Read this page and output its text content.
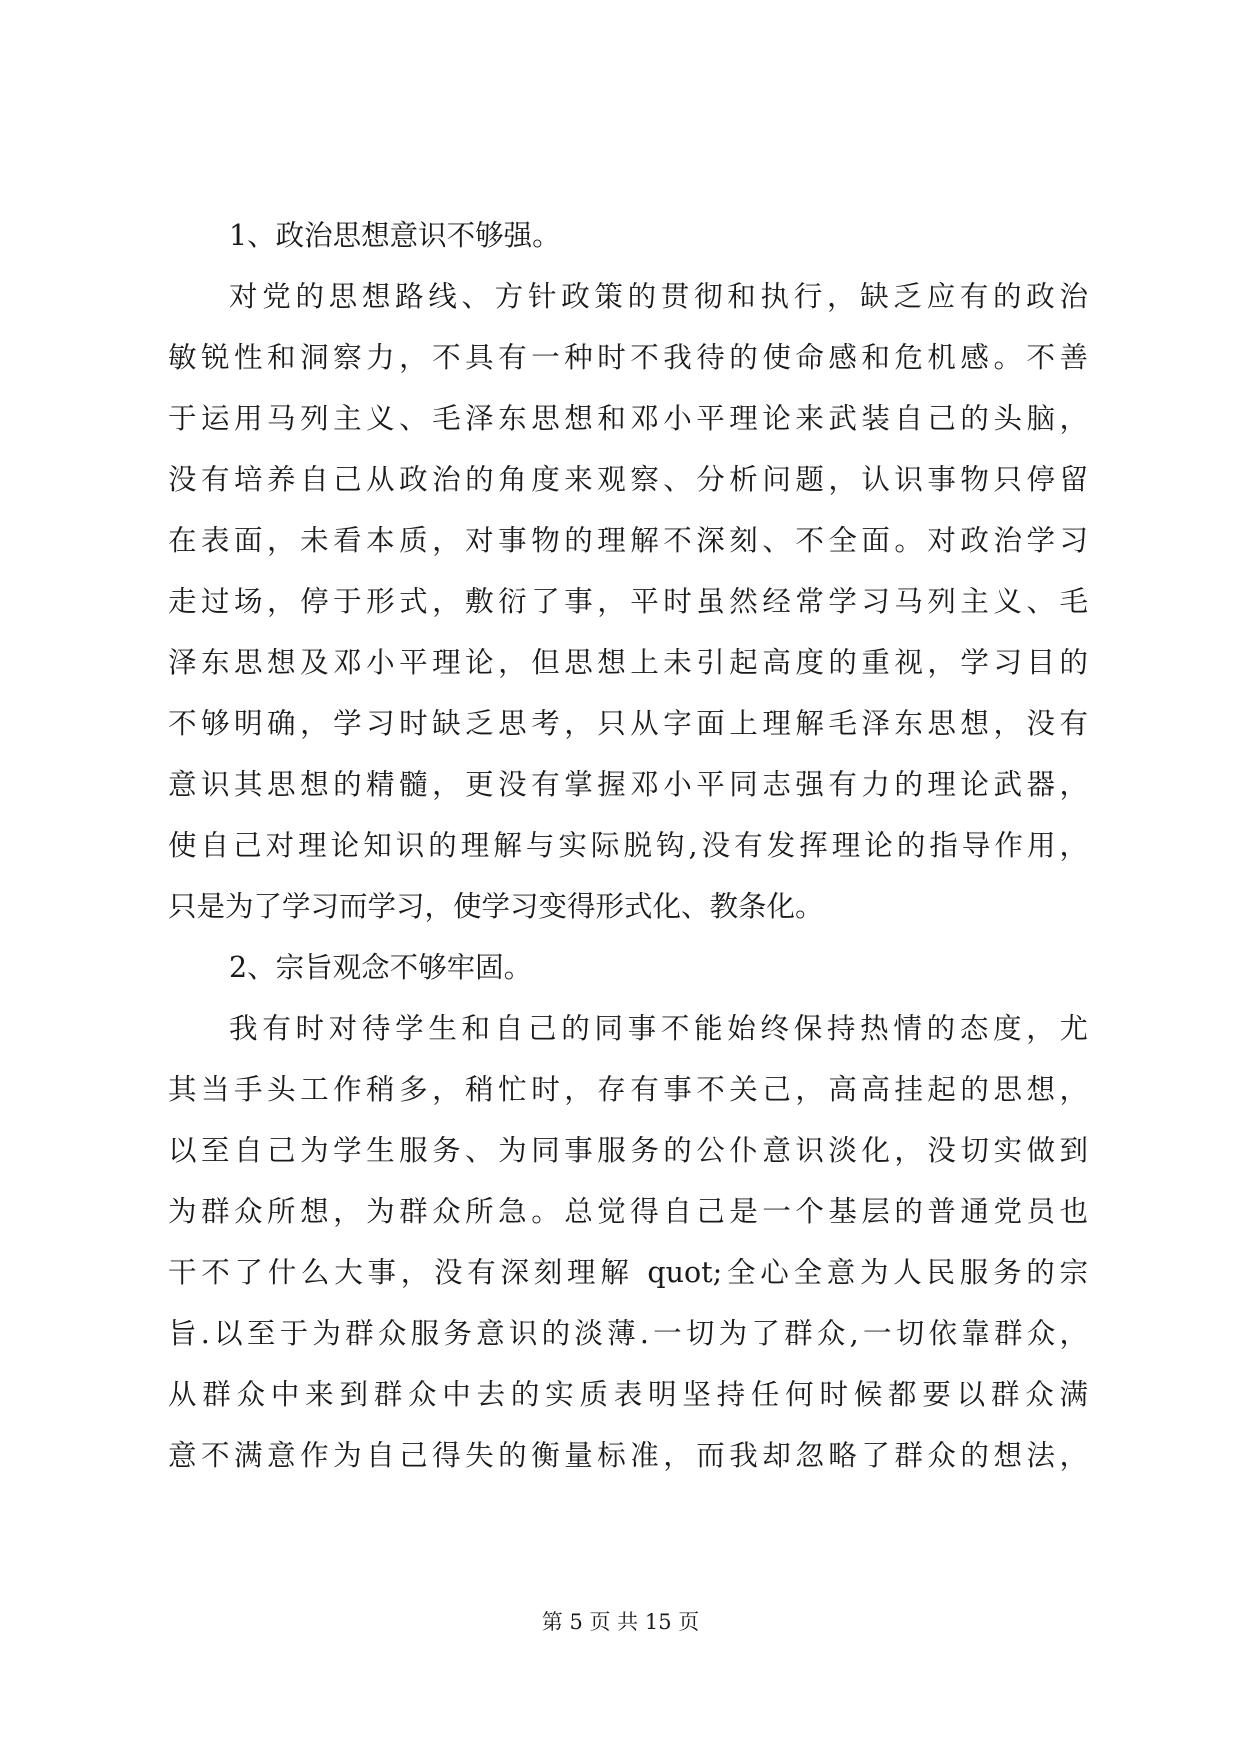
1、政治思想意识不够强。
对党的思想路线、方针政策的贯彻和执行，缺乏应有的政治
敏锐性和洞察力，不具有一种时不我待的使命感和危机感。不善
于运用马列主义、毛泽东思想和邓小平理论来武装自己的头脑，
没有培养自己从政治的角度来观察、分析问题，认识事物只停留
在表面，未看本质，对事物的理解不深刻、不全面。对政治学习
走过场，停于形式，敷衍了事，平时虽然经常学习马列主义、毛
泽东思想及邓小平理论，但思想上未引起高度的重视，学习目的
不够明确，学习时缺乏思考，只从字面上理解毛泽东思想，没有
意识其思想的精髓，更没有掌握邓小平同志强有力的理论武器，
使自己对理论知识的理解与实际脱钩,没有发挥理论的指导作用，
只是为了学习而学习，使学习变得形式化、教条化。
2、宗旨观念不够牢固。
我有时对待学生和自己的同事不能始终保持热情的态度，尤
其当手头工作稍多，稍忙时，存有事不关己，高高挂起的思想，
以至自己为学生服务、为同事服务的公仆意识淡化，没切实做到
为群众所想，为群众所急。总觉得自己是一个基层的普通党员也
干不了什么大事，没有深刻理解 quot;全心全意为人民服务的宗
旨.以至于为群众服务意识的淡薄.一切为了群众,一切依靠群众，
从群众中来到群众中去的实质表明坚持任何时候都要以群众满
意不满意作为自己得失的衡量标准，而我却忽略了群众的想法，
第 5 页 共 15 页
